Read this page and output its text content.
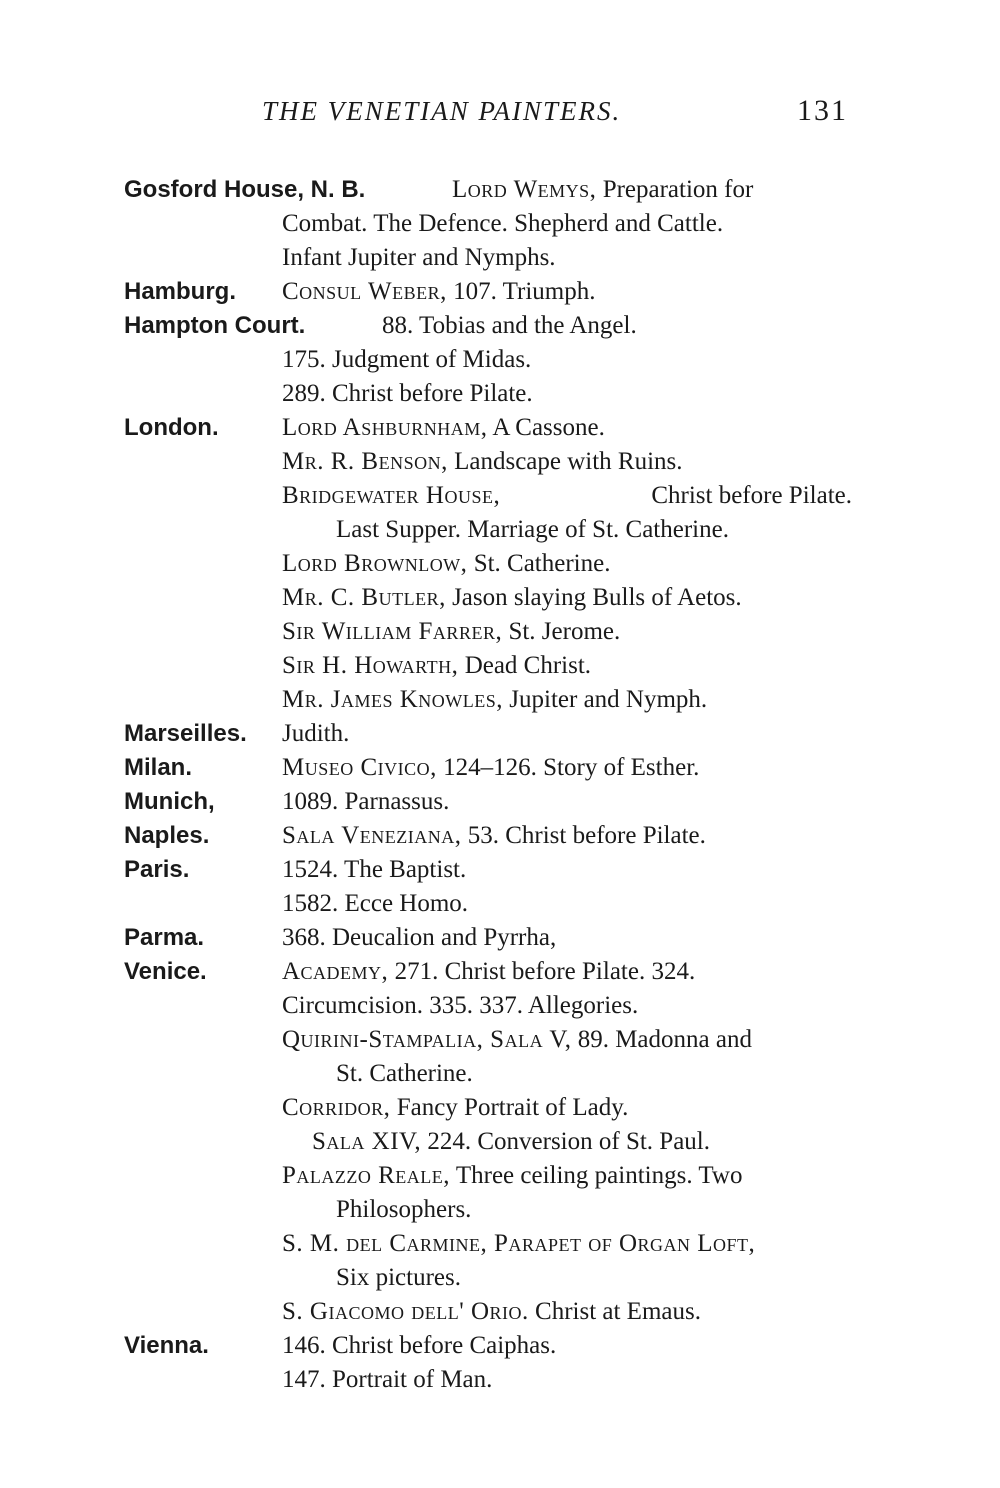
THE VENETIAN PAINTERS.	131
Gosford House, N. B.	Lord Wemys, Preparation for
Combat. The Defence. Shepherd and Cattle.
Infant Jupiter and Nymphs.
Hamburg. Consul Weber, 107. Triumph.
Hampton Court.	88. Tobias and the Angel.
175. Judgment of Midas.
289. Christ before Pilate.
London.	Lord Ashburnham, A Cassone.
Mr. R. Benson, Landscape with Ruins.
Bridgewater House,	Christ before Pilate.
Last Supper. Marriage of St. Catherine.
Lord Brownlow, St. Catherine.
Mr. C. Butler, Jason slaying Bulls of Aetos.
Sir William Farrer, St. Jerome.
Sir H. Howarth, Dead Christ.
Mr. James Knowles, Jupiter and Nymph.
Marseilles. Judith.
Milan.	Museo Civico, 124–126. Story of Esther.
Munich,	1089. Parnassus.
Naples.	Sala Veneziana, 53. Christ before Pilate.
Paris.	1524. The Baptist.
1582. Ecce Homo.
Parma.	368. Deucalion and Pyrrha,
Venice.	Academy, 271. Christ before Pilate. 324.
Circumcision. 335. 337. Allegories.
Quirini-Stampalia, Sala V, 89. Madonna and
St. Catherine.
Corridor, Fancy Portrait of Lady.
Sala XIV, 224. Conversion of St. Paul.
Palazzo Reale, Three ceiling paintings. Two
Philosophers.
S. M. del Carmine, Parapet of Organ Loft,
Six pictures.
S. Giacomo dell' Orio. Christ at Emaus.
Vienna.	146. Christ before Caiphas.
147. Portrait of Man.
